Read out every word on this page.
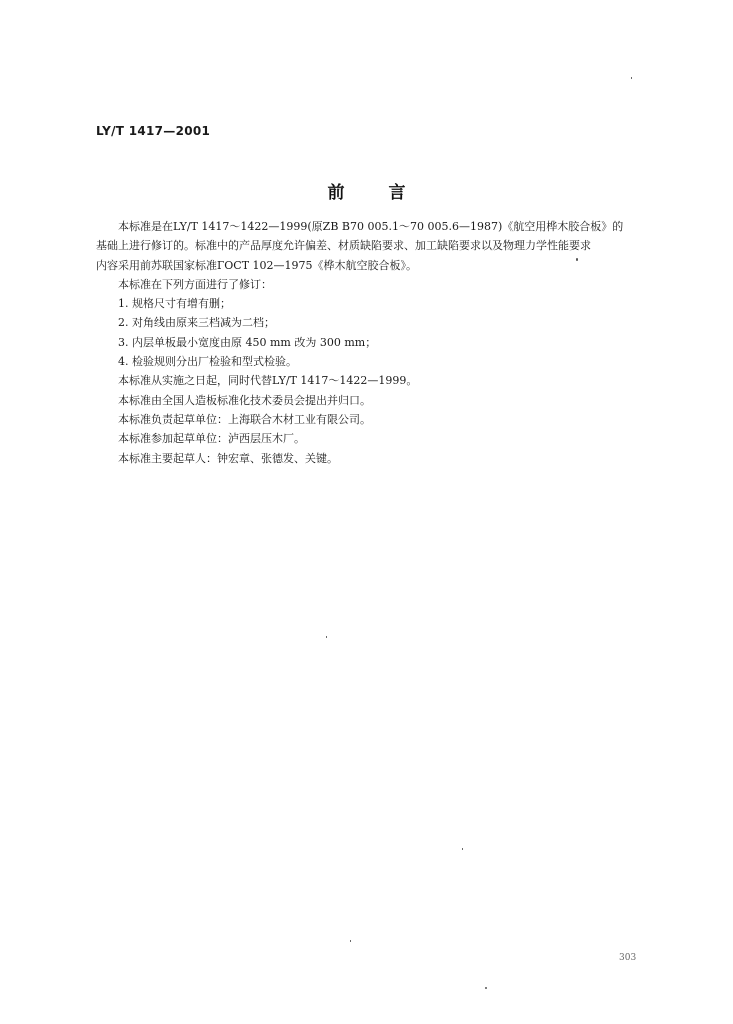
LY/T 1417—2001
前言

本标准是在LY/T 1417～1422—1999(原ZB B70 005.1～70 005.6—1987)《航空用桦木胶合板》的

基础上进行修订的。标准中的产品厚度允许偏差、材质缺陷要求、加工缺陷要求以及物理力学性能要求

内容采用前苏联国家标准ГОСТ 102—1975《桦木航空胶合板》。

本标准在下列方面进行了修订：

1. 规格尺寸有增有删；

2. 对角线由原来三档减为二档；

3. 内层单板最小宽度由原 450 mm 改为 300 mm；

4. 检验规则分出厂检验和型式检验。

本标准从实施之日起，同时代替LY/T 1417～1422—1999。

本标准由全国人造板标准化技术委员会提出并归口。

本标准负责起草单位：上海联合木材工业有限公司。

本标准参加起草单位：泸西层压木厂。

本标准主要起草人：钟宏章、张德发、关键。

303
